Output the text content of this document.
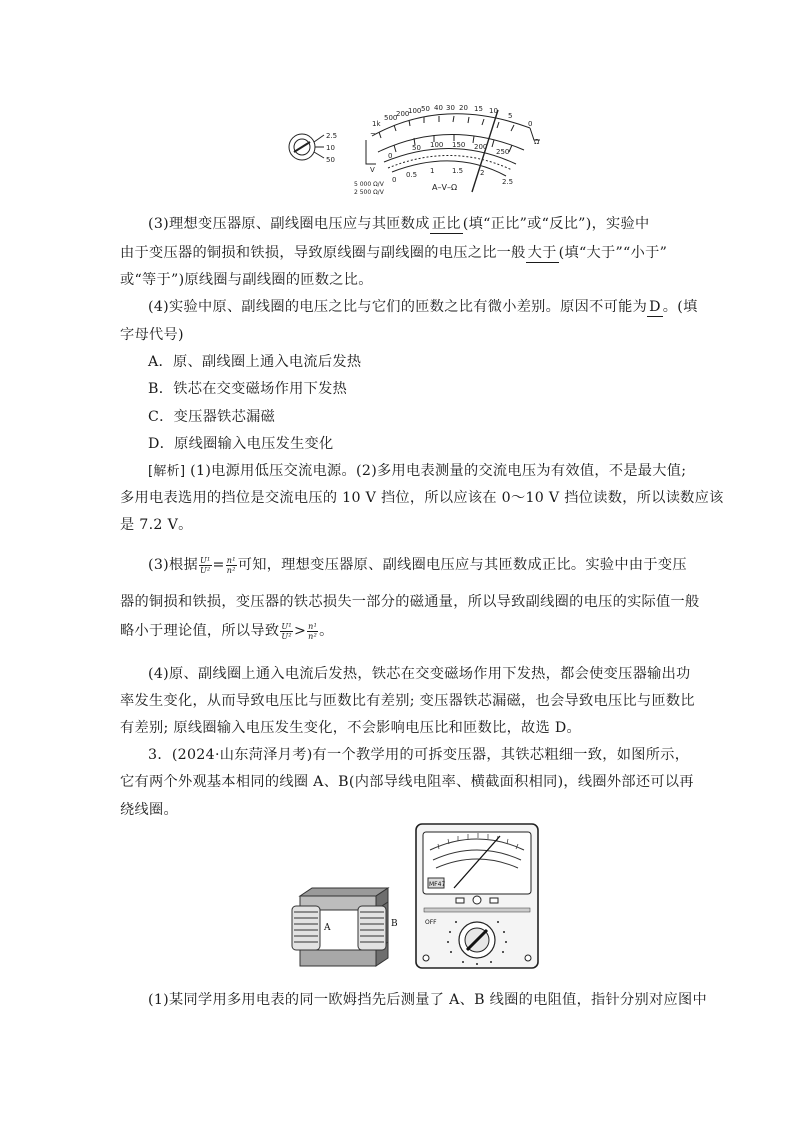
2.5
10
50
1k
500
200
100 50 40 30 20 15 10
5
0
0
50 100 150 200
250
0
0.5 1	1.5 2
2.5
V
Ω
~
5 000 Ω/V
2 500 Ω/V
A–V–Ω
(3)理想变压器原、副线圈电压应与其匝数成 正比 (填“正比”或“反比”)，实验中
由于变压器的铜损和铁损，导致原线圈与副线圈的电压之比一般 大于 (填“大于”“小于”
或“等于”)原线圈与副线圈的匝数之比。
(4)实验中原、副线圈的电压之比与它们的匝数之比有微小差别。原因不可能为 D 。(填
字母代号)
A．原、副线圈上通入电流后发热
B．铁芯在交变磁场作用下发热
C．变压器铁芯漏磁
D．原线圈输入电压发生变化
[解析] (1)电源用低压交流电源。(2)多用电表测量的交流电压为有效值，不是最大值;
多用电表选用的挡位是交流电压的 10 V 挡位，所以应该在 0～10 V 挡位读数，所以读数应该
是 7.2 V。
(3)根据 $\frac{\text{U¹}}{\text{U²}} = \frac{\text{n¹}}{\text{n²}}$ 可知，理想变压器原、副线圈电压应与其匝数成正比。实验中由于变压
器的铜损和铁损，变压器的铁芯损失一部分的磁通量，所以导致副线圈的电压的实际值一般
略小于理论值，所以导致 $\frac{\text{U¹}}{\text{U²}} > \frac{\text{n¹}}{\text{n²}}$ 。
(4)原、副线圈上通入电流后发热，铁芯在交变磁场作用下发热，都会使变压器输出功
率发生变化，从而导致电压比与匝数比有差别; 变压器铁芯漏磁，也会导致电压比与匝数比
有差别; 原线圈输入电压发生变化，不会影响电压比和匝数比，故选 D。
3．(2024·山东菏泽月考)有一个教学用的可拆变压器，其铁芯粗细一致，如图所示，
它有两个外观基本相同的线圈 A、B(内部导线电阻率、横截面积相同)，线圈外部还可以再
绕线圈。
A	B
MF47
OFF
(1)某同学用多用电表的同一欧姆挡先后测量了 A、B 线圈的电阻值，指针分别对应图中
